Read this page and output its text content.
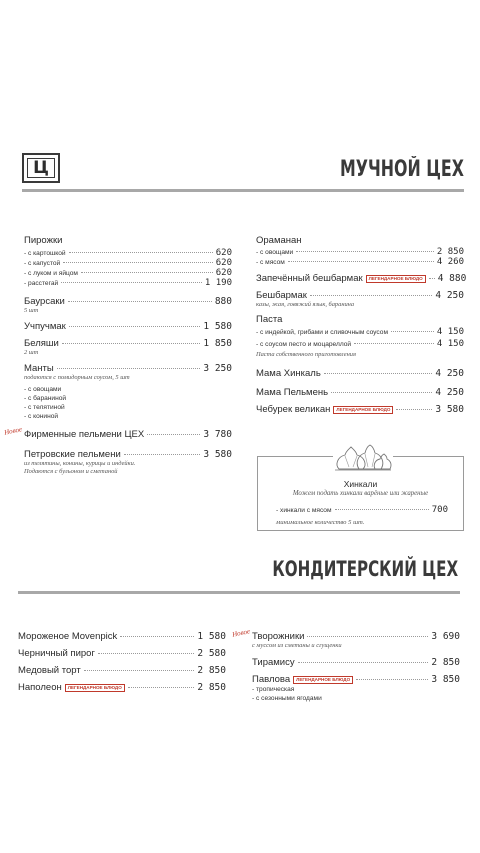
Ц	МУЧНОЙ ЦЕХ
Пирожки
- с картошкой	620
- с капустой	620
- с луком и яйцом	620
- расстегай	1 190
Баурсаки	880
5 шт
Учпучмак	1 580
Беляши	1 850
2 шт
Манты	3 250
подаются с помидорным соусом, 5 шт
- с овощами
- с бараниной
- с телятиной
- с кониной
Новое Фирменные пельмени ЦЕХ	3 780
Петровские пельмени	3 580
из телятины, конины, курицы и индейки.
Подаются с бульоном и сметаной
Ораманан
- с овощами	2 850
- с мясом	4 260
Запечённый бешбармак	ЛЕГЕНДАРНОЕ БЛЮДО	4 880
Бешбармак	4 250
казы, жая, говяжий язык, баранина
Паста
- с индейкой, грибами и сливочным соусом	4 150
- с соусом песто и моцареллой	4 150
Паста собственного приготовления
Мама Хинкаль	4 250
Мама Пельмень	4 250
Чебурек великан	ЛЕГЕНДАРНОЕ БЛЮДО	3 580
Хинкали
Можем подать хинкали варёные или жареные
- хинкали с мясом	700
минимальное количество 5 шт.
КОНДИТЕРСКИЙ ЦЕХ
Мороженое Movenpick	1 580
Черничный пирог	2 580
Медовый торт	2 850
Наполеон	ЛЕГЕНДАРНОЕ БЛЮДО	2 850
Новое Творожники	3 690
с муссом из сметаны и сгущенки
Тирамису	2 850
Павлова	ЛЕГЕНДАРНОЕ БЛЮДО	3 850
- тропическая
- с сезонными ягодами
